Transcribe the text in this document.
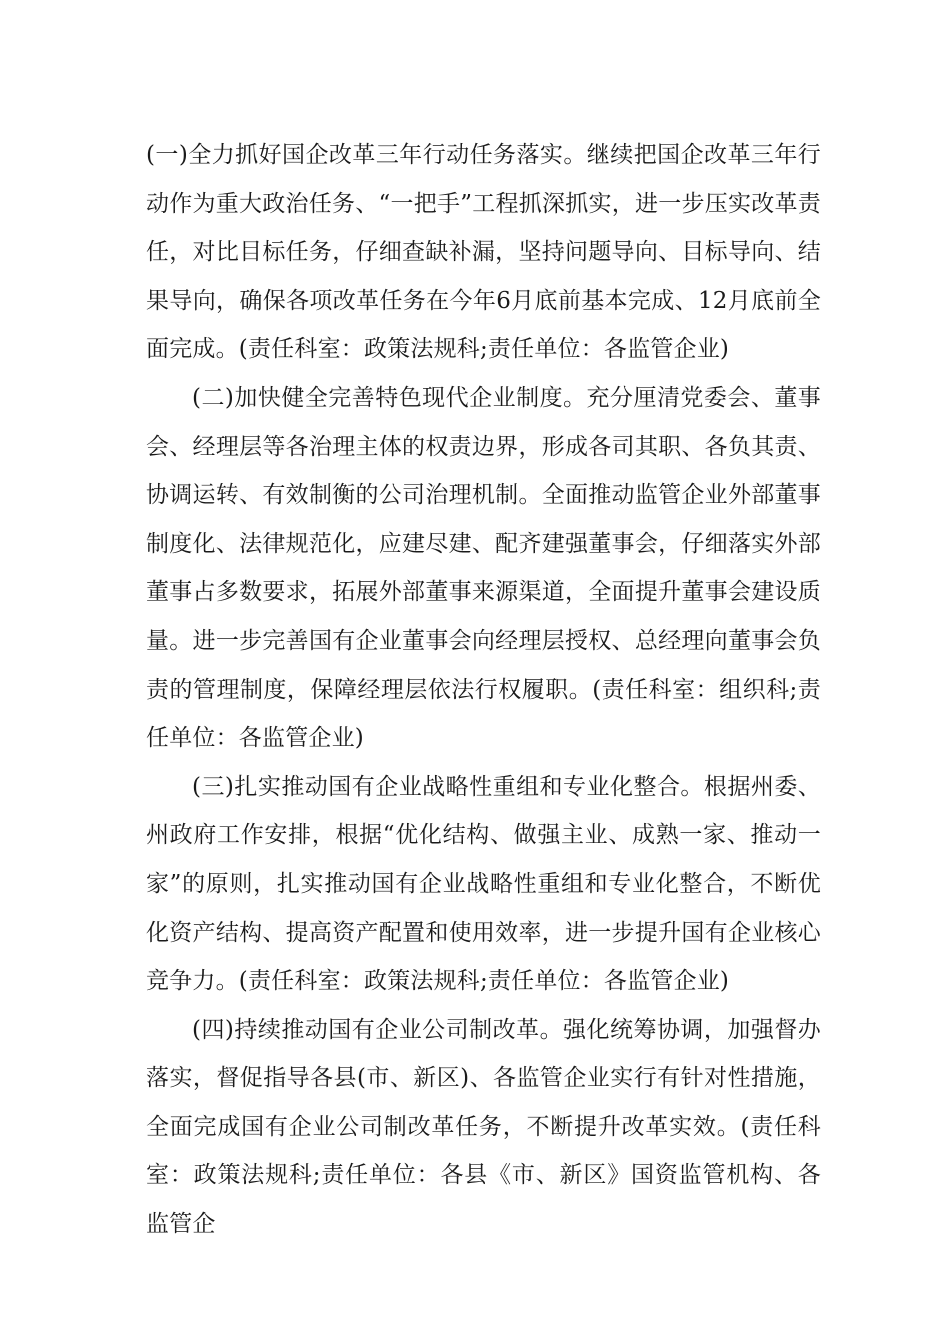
(一)全力抓好国企改革三年行动任务落实。继续把国企改革三年行动作为重大政治任务、“一把手”工程抓深抓实，进一步压实改革责任，对比目标任务，仔细查缺补漏，坚持问题导向、目标导向、结果导向，确保各项改革任务在今年6月底前基本完成、12月底前全面完成。(责任科室：政策法规科;责任单位：各监管企业)

(二)加快健全完善特色现代企业制度。充分厘清党委会、董事会、经理层等各治理主体的权责边界，形成各司其职、各负其责、协调运转、有效制衡的公司治理机制。全面推动监管企业外部董事制度化、法律规范化，应建尽建、配齐建强董事会，仔细落实外部董事占多数要求，拓展外部董事来源渠道，全面提升董事会建设质量。进一步完善国有企业董事会向经理层授权、总经理向董事会负责的管理制度，保障经理层依法行权履职。(责任科室：组织科;责任单位：各监管企业)

(三)扎实推动国有企业战略性重组和专业化整合。根据州委、州政府工作安排，根据“优化结构、做强主业、成熟一家、推动一家”的原则，扎实推动国有企业战略性重组和专业化整合，不断优化资产结构、提高资产配置和使用效率，进一步提升国有企业核心竞争力。(责任科室：政策法规科;责任单位：各监管企业)

(四)持续推动国有企业公司制改革。强化统筹协调，加强督办落实，督促指导各县(市、新区)、各监管企业实行有针对性措施，全面完成国有企业公司制改革任务，不断提升改革实效。(责任科室：政策法规科;责任单位：各县《市、新区》国资监管机构、各监管企
